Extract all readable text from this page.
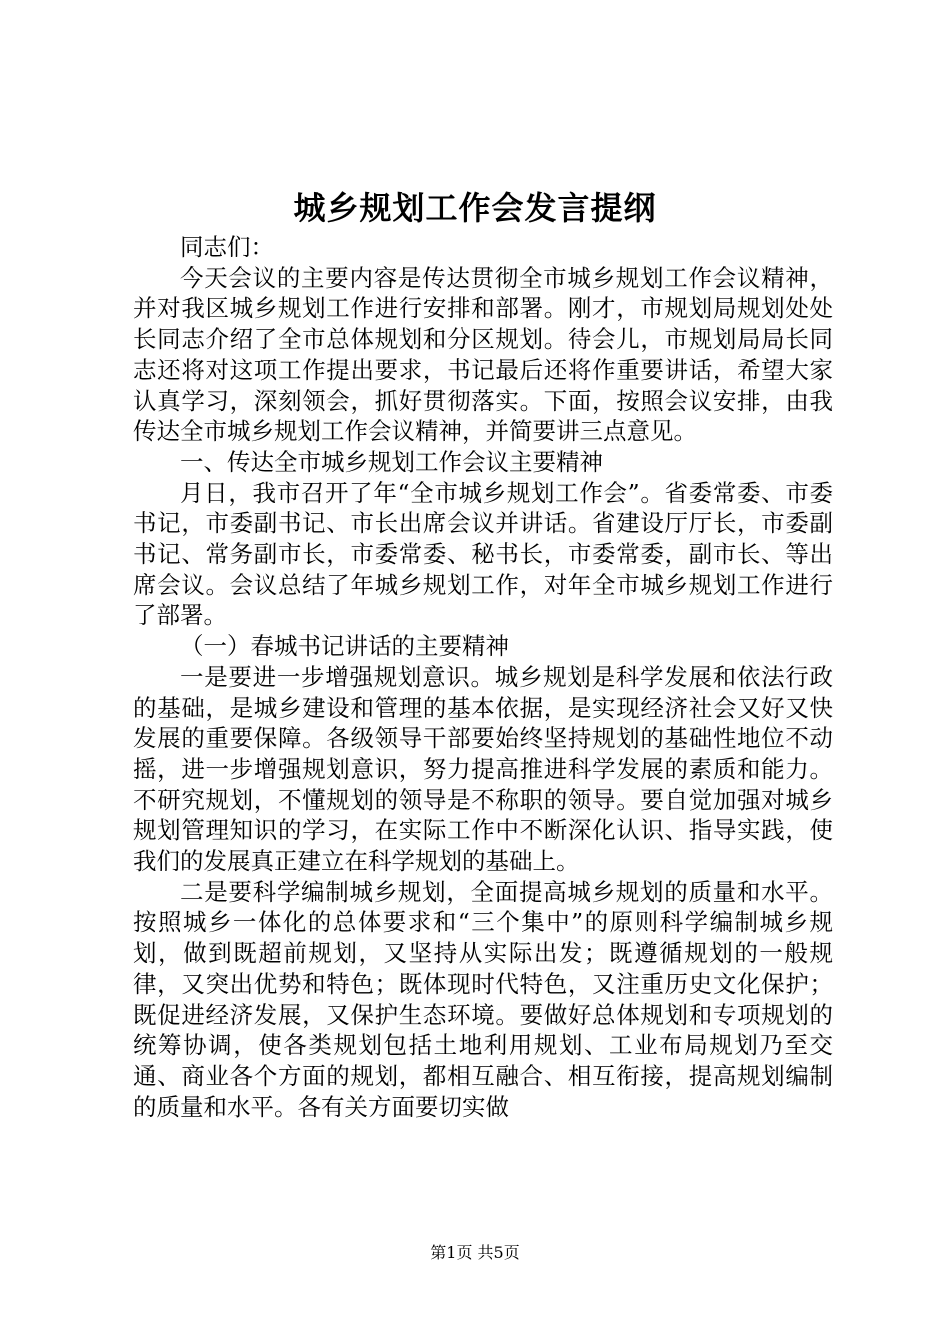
城乡规划工作会发言提纲

同志们：

今天会议的主要内容是传达贯彻全市城乡规划工作会议精神，并对我区城乡规划工作进行安排和部署。刚才，市规划局规划处处长同志介绍了全市总体规划和分区规划。待会儿，市规划局局长同志还将对这项工作提出要求，书记最后还将作重要讲话，希望大家认真学习，深刻领会，抓好贯彻落实。下面，按照会议安排，由我传达全市城乡规划工作会议精神，并简要讲三点意见。

一、传达全市城乡规划工作会议主要精神

月日，我市召开了年“全市城乡规划工作会”。省委常委、市委书记，市委副书记、市长出席会议并讲话。省建设厅厅长，市委副书记、常务副市长，市委常委、秘书长，市委常委，副市长、等出席会议。会议总结了年城乡规划工作，对年全市城乡规划工作进行了部署。

（一）春城书记讲话的主要精神

一是要进一步增强规划意识。城乡规划是科学发展和依法行政的基础，是城乡建设和管理的基本依据，是实现经济社会又好又快发展的重要保障。各级领导干部要始终坚持规划的基础性地位不动摇，进一步增强规划意识，努力提高推进科学发展的素质和能力。不研究规划，不懂规划的领导是不称职的领导。要自觉加强对城乡规划管理知识的学习，在实际工作中不断深化认识、指导实践，使我们的发展真正建立在科学规划的基础上。

二是要科学编制城乡规划，全面提高城乡规划的质量和水平。按照城乡一体化的总体要求和“三个集中”的原则科学编制城乡规划，做到既超前规划，又坚持从实际出发；既遵循规划的一般规律，又突出优势和特色；既体现时代特色，又注重历史文化保护；既促进经济发展，又保护生态环境。要做好总体规划和专项规划的统筹协调，使各类规划包括土地利用规划、工业布局规划乃至交通、商业各个方面的规划，都相互融合、相互衔接，提高规划编制的质量和水平。各有关方面要切实做

第1页 共5页
